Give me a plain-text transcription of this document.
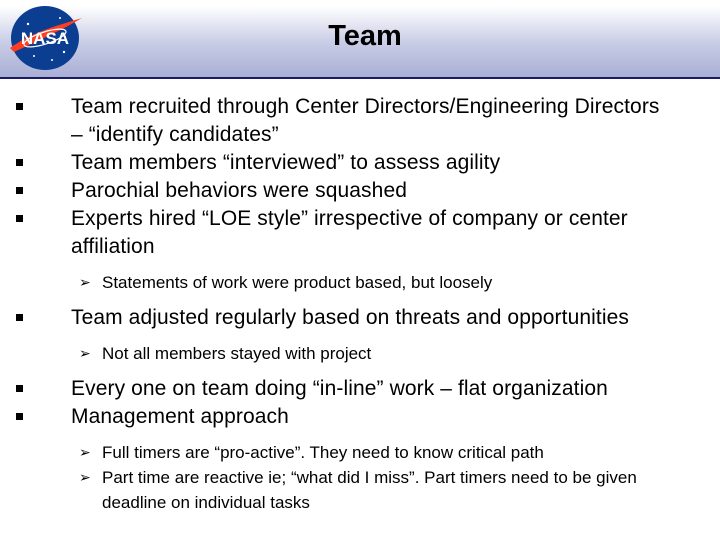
NASA	Team
Team recruited through Center Directors/Engineering Directors – “identify candidates”
Team members “interviewed” to assess agility
Parochial behaviors were squashed
Experts hired “LOE style” irrespective of company or center affiliation
➢ Statements of work were product based, but loosely
Team adjusted regularly based on threats and opportunities
➢ Not all members stayed with project
Every one on team doing “in-line” work – flat organization
Management approach
➢ Full timers are “pro-active”. They need to know critical path
➢ Part time are reactive ie; “what did I miss”. Part timers need to be given deadline on individual tasks
